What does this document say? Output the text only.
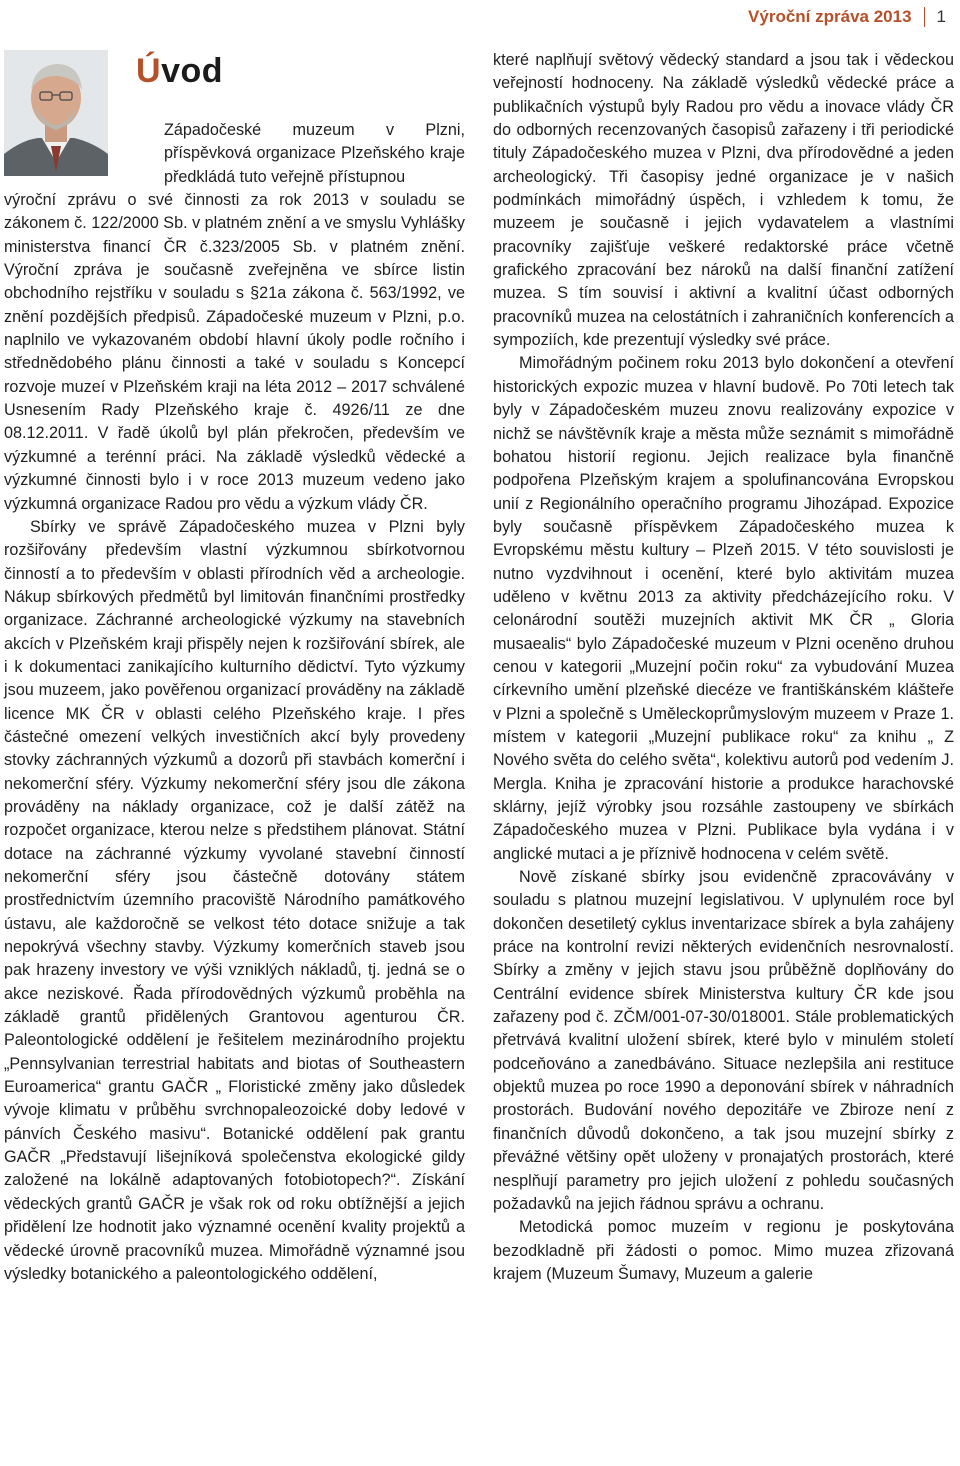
Výroční zpráva 2013 1
Úvod

Západočeské muzeum v Plzni, příspěvková organizace Plzeňského kraje předkládá tuto veřejně přístupnou

výroční zprávu o své činnosti za rok 2013 v souladu se zákonem č. 122/2000 Sb. v platném znění a ve smyslu Vyhlášky ministerstva financí ČR č.323/2005 Sb. v platném znění. Výroční zpráva je současně zveřejněna ve sbírce listin obchodního rejstříku v souladu s §21a zákona č. 563/1992, ve znění pozdějších předpisů. Západočeské muzeum v Plzni, p.o. naplnilo ve vykazovaném období hlavní úkoly podle ročního i střednědobého plánu činnosti a také v souladu s Koncepcí rozvoje muzeí v Plzeňském kraji na léta 2012 – 2017 schválené Usnesením Rady Plzeňského kraje č. 4926/11 ze dne 08.12.2011. V řadě úkolů byl plán překročen, především ve výzkumné a terénní práci. Na základě výsledků vědecké a výzkumné činnosti bylo i v roce 2013 muzeum vedeno jako výzkumná organizace Radou pro vědu a výzkum vlády ČR.

Sbírky ve správě Západočeského muzea v Plzni byly rozšiřovány především vlastní výzkumnou sbírkotvornou činností a to především v oblasti přírodních věd a archeologie. Nákup sbírkových předmětů byl limitován finančními prostředky organizace. Záchranné archeologické výzkumy na stavebních akcích v Plzeňském kraji přispěly nejen k rozšiřování sbírek, ale i k dokumentaci zanikajícího kulturního dědictví. Tyto výzkumy jsou muzeem, jako pověřenou organizací prováděny na základě licence MK ČR v oblasti celého Plzeňského kraje. I přes částečné omezení velkých investičních akcí byly provedeny stovky záchranných výzkumů a dozorů při stavbách komerční i nekomerční sféry. Výzkumy nekomerční sféry jsou dle zákona prováděny na náklady organizace, což je další zátěž na rozpočet organizace, kterou nelze s předstihem plánovat. Státní dotace na záchranné výzkumy vyvolané stavební činností nekomerční sféry jsou částečně dotovány státem prostřednictvím územního pracoviště Národního památkového ústavu, ale každoročně se velkost této dotace snižuje a tak nepokrývá všechny stavby. Výzkumy komerčních staveb jsou pak hrazeny investory ve výši vzniklých nákladů, tj. jedná se o akce neziskové. Řada přírodovědných výzkumů proběhla na základě grantů přidělených Grantovou agenturou ČR. Paleontologické oddělení je řešitelem mezinárodního projektu „Pennsylvanian terrestrial habitats and biotas of Southeastern Euroamerica“ grantu GAČR „ Floristické změny jako důsledek vývoje klimatu v průběhu svrchnopaleozoické doby ledové v pánvích Českého masivu“. Botanické oddělení pak grantu GAČR „Představují lišejníková společenstva ekologické gildy založené na lokálně adaptovaných fotobiotopech?“. Získání vědeckých grantů GAČR je však rok od roku obtížnější a jejich přidělení lze hodnotit jako významné ocenění kvality projektů a vědecké úrovně pracovníků muzea. Mimořádně významné jsou výsledky botanického a paleontologického oddělení,

které naplňují světový vědecký standard a jsou tak i vědeckou veřejností hodnoceny. Na základě výsledků vědecké práce a publikačních výstupů byly Radou pro vědu a inovace vlády ČR do odborných recenzovaných časopisů zařazeny i tři periodické tituly Západočeského muzea v Plzni, dva přírodovědné a jeden archeologický. Tři časopisy jedné organizace je v našich podmínkách mimořádný úspěch, i vzhledem k tomu, že muzeem je současně i jejich vydavatelem a vlastními pracovníky zajišťuje veškeré redaktorské práce včetně grafického zpracování bez nároků na další finanční zatížení muzea. S tím souvisí i aktivní a kvalitní účast odborných pracovníků muzea na celostátních i zahraničních konferencích a sympoziích, kde prezentují výsledky své práce.

Mimořádným počinem roku 2013 bylo dokončení a otevření historických expozic muzea v hlavní budově. Po 70ti letech tak byly v Západočeském muzeu znovu realizovány expozice v nichž se návštěvník kraje a města může seznámit s mimořádně bohatou historií regionu. Jejich realizace byla finančně podpořena Plzeňským krajem a spolufinancována Evropskou unií z Regionálního operačního programu Jihozápad. Expozice byly současně příspěvkem Západočeského muzea k Evropskému městu kultury – Plzeň 2015. V této souvislosti je nutno vyzdvihnout i ocenění, které bylo aktivitám muzea uděleno v květnu 2013 za aktivity předcházejícího roku. V celonárodní soutěži muzejních aktivit MK ČR „ Gloria musaealis“ bylo Západočeské muzeum v Plzni oceněno druhou cenou v kategorii „Muzejní počin roku“ za vybudování Muzea církevního umění plzeňské diecéze ve františkánském klášteře v Plzni a společně s Uměleckoprůmyslovým muzeem v Praze 1. místem v kategorii „Muzejní publikace roku“ za knihu „ Z Nového světa do celého světa“, kolektivu autorů pod vedením J. Mergla. Kniha je zpracování historie a produkce harachovské sklárny, jejíž výrobky jsou rozsáhle zastoupeny ve sbírkách Západočeského muzea v Plzni. Publikace byla vydána i v anglické mutaci a je příznivě hodnocena v celém světě.

Nově získané sbírky jsou evidenčně zpracovávány v souladu s platnou muzejní legislativou. V uplynulém roce byl dokončen desetiletý cyklus inventarizace sbírek a byla zahájeny práce na kontrolní revizi některých evidenčních nesrovnalostí. Sbírky a změny v jejich stavu jsou průběžně doplňovány do Centrální evidence sbírek Ministerstva kultury ČR kde jsou zařazeny pod č. ZČM/001-07-30/018001. Stále problematických přetrvává kvalitní uložení sbírek, které bylo v minulém století podceňováno a zanedbáváno. Situace nezlepšila ani restituce objektů muzea po roce 1990 a deponování sbírek v náhradních prostorách. Budování nového depozitáře ve Zbiroze není z finančních důvodů dokončeno, a tak jsou muzejní sbírky z převážné většiny opět uloženy v pronajatých prostorách, které nesplňují parametry pro jejich uložení z pohledu současných požadavků na jejich řádnou správu a ochranu.

Metodická pomoc muzeím v regionu je poskytována bezodkladně při žádosti o pomoc. Mimo muzea zřizovaná krajem (Muzeum Šumavy, Muzeum a galerie
